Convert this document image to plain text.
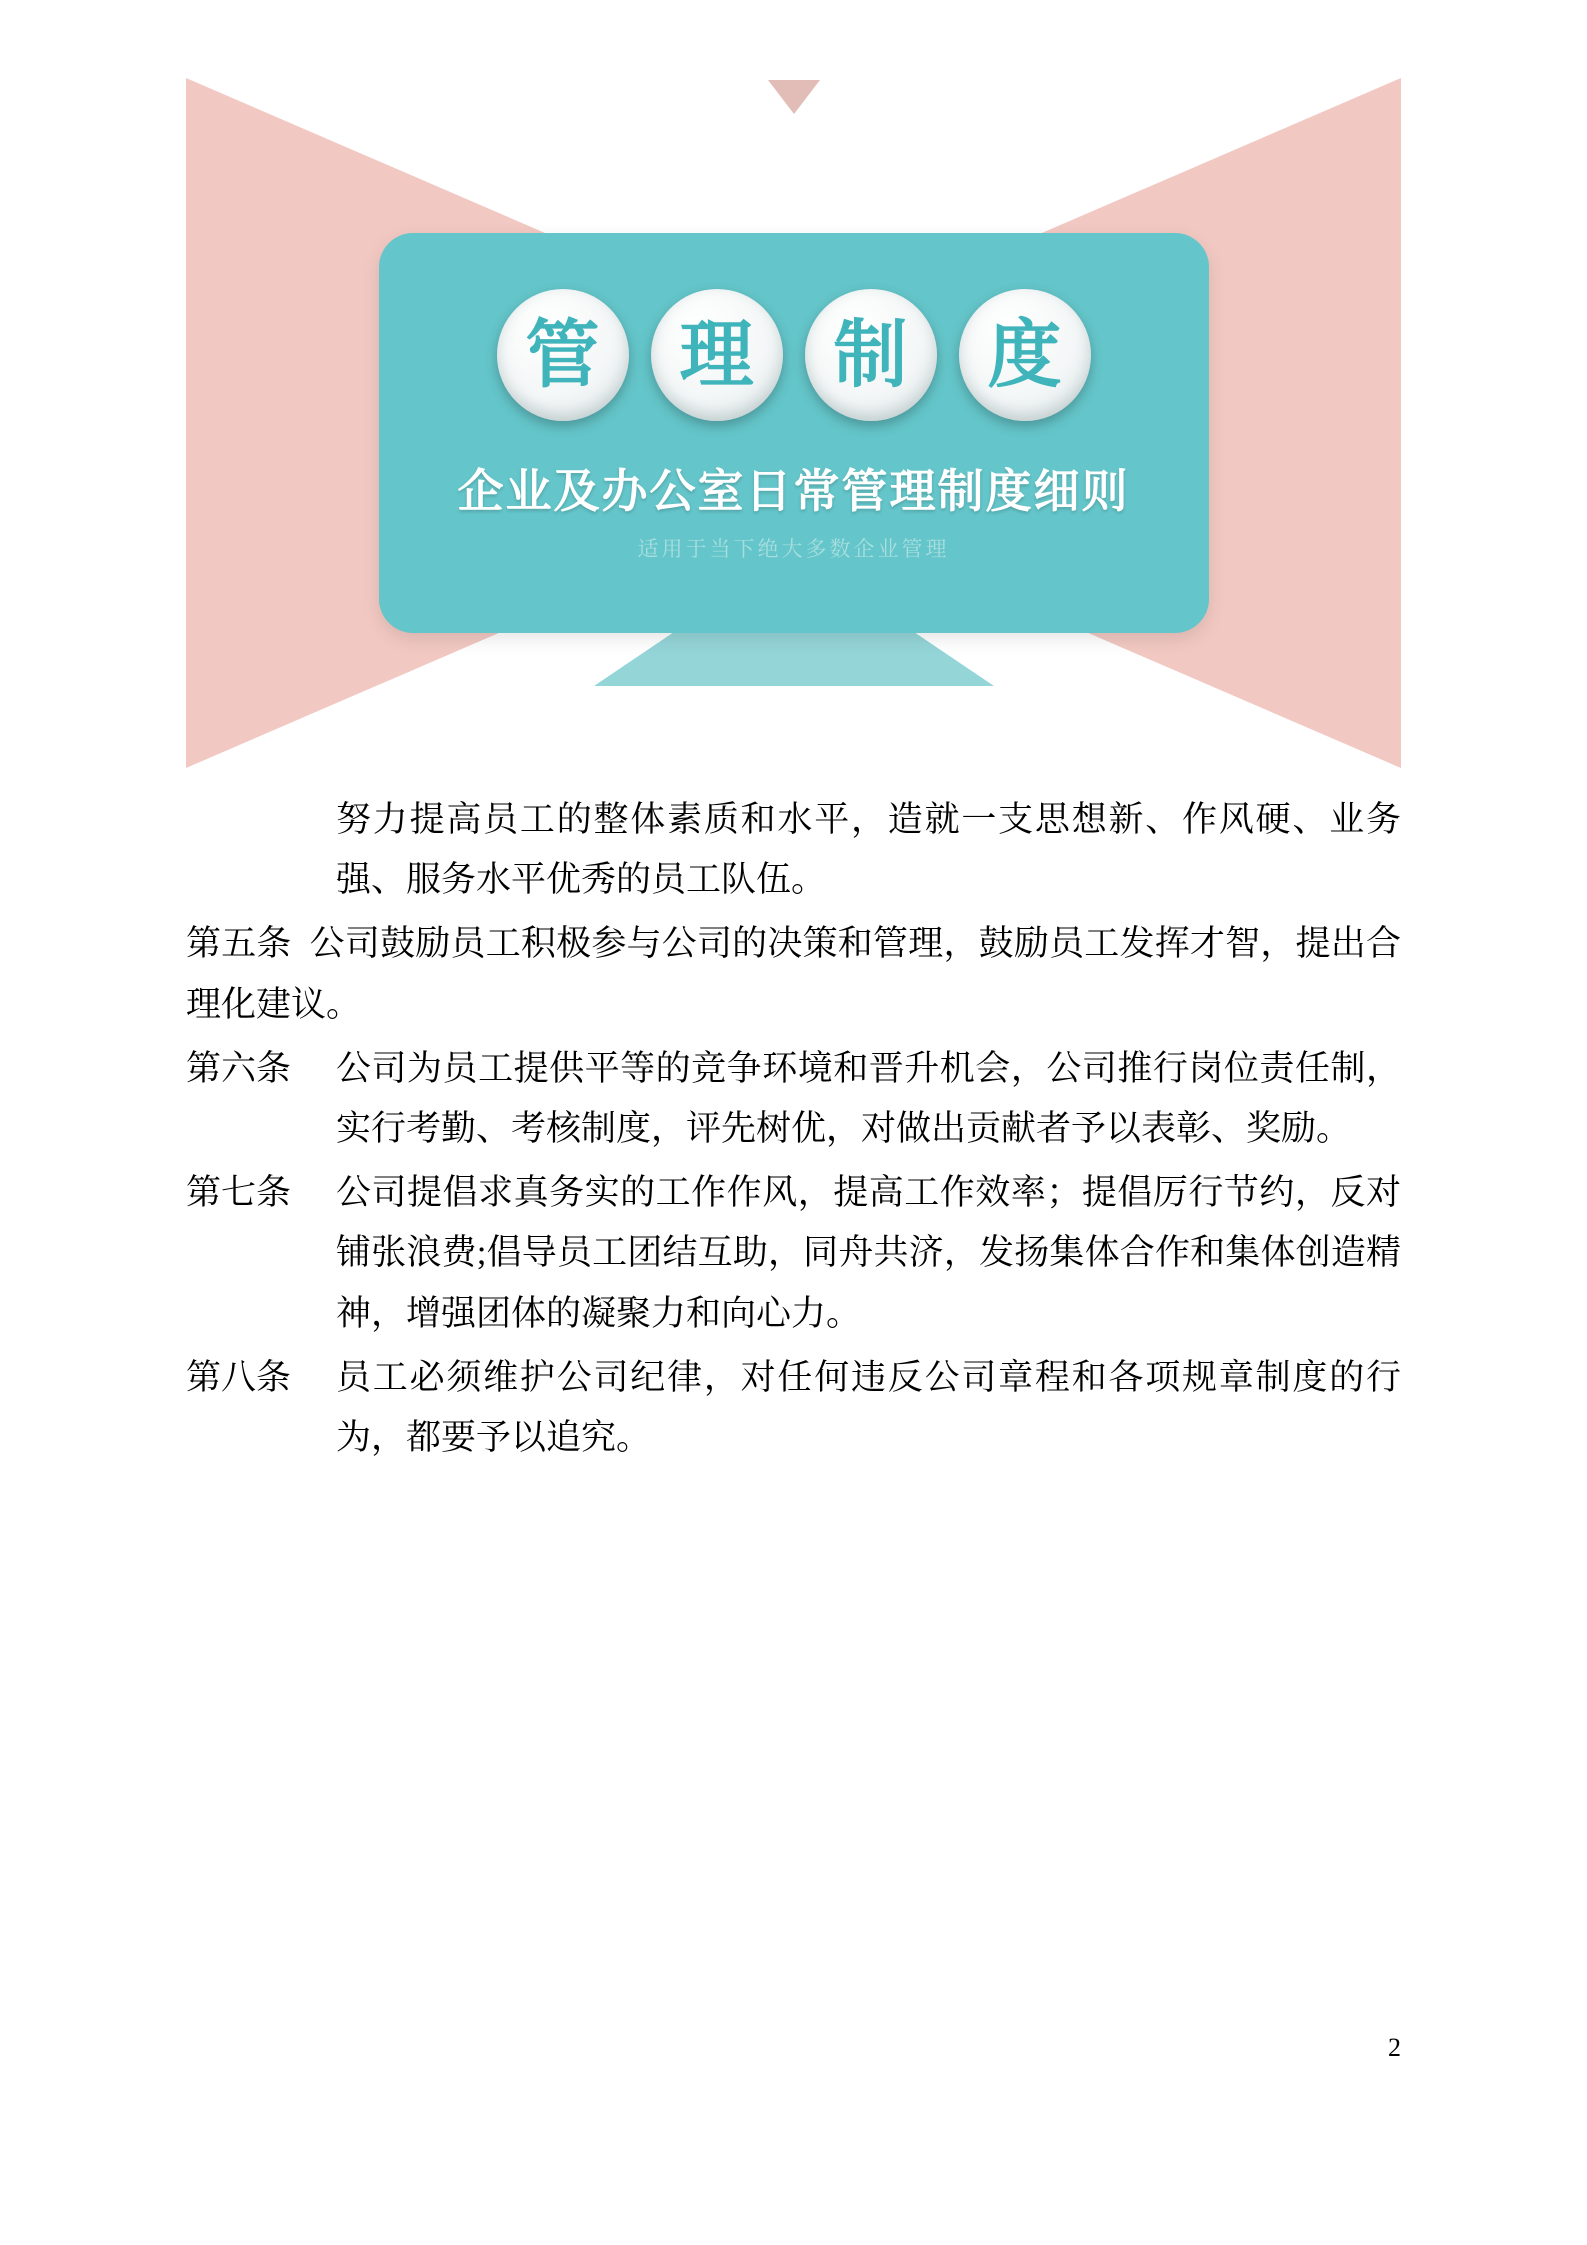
管	理	制	度
企业及办公室日常管理制度细则
适用于当下绝大多数企业管理
努力提高员工的整体素质和水平，造就一支思想新、作风硬、业务强、服务水平优秀的员工队伍。
第五条 公司鼓励员工积极参与公司的决策和管理，鼓励员工发挥才智，提出合理化建议。
第六条	公司为员工提供平等的竞争环境和晋升机会，公司推行岗位责任制，实行考勤、考核制度，评先树优，对做出贡献者予以表彰、奖励。
第七条	公司提倡求真务实的工作作风，提高工作效率；提倡厉行节约，反对铺张浪费;倡导员工团结互助，同舟共济，发扬集体合作和集体创造精神，增强团体的凝聚力和向心力。
第八条	员工必须维护公司纪律，对任何违反公司章程和各项规章制度的行为，都要予以追究。
2
